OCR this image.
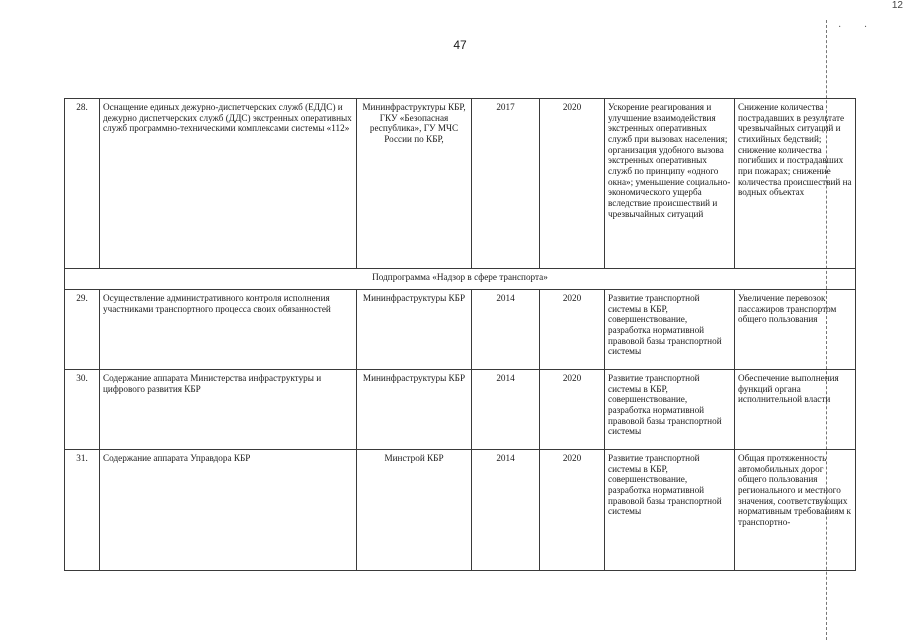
47
12
· ·
28.	Оснащение единых дежурно-диспетчерских служб (ЕДДС) и дежурно диспетчерских служб (ДДС) экстренных оперативных служб программно-техническими комплексами системы «112»	Мининфраструктуры КБР, ГКУ «Безопасная республика», ГУ МЧС России по КБР,	2017	2020	Ускорение реагирования и улучшение взаимодействия экстренных оперативных служб при вызовах населения; организация удобного вызова экстренных оперативных служб по принципу «одного окна»; уменьшение социально-экономического ущерба вследствие происшествий и чрезвычайных ситуаций	Снижение количества пострадавших в результате чрезвычайных ситуаций и стихийных бедствий; снижение количества погибших и пострадавших при пожарах; снижение количества происшествий на водных объектах
Подпрограмма «Надзор в сфере транспорта»						
29.	Осуществление административного контроля исполнения участниками транспортного процесса своих обязанностей	Мининфраструктуры КБР	2014	2020	Развитие транспортной системы в КБР, совершенствование, разработка нормативной правовой базы транспортной системы	Увеличение перевозок пассажиров транспортом общего пользования
30.	Содержание аппарата Министерства инфраструктуры и цифрового развития КБР	Мининфраструктуры КБР	2014	2020	Развитие транспортной системы в КБР, совершенствование, разработка нормативной правовой базы транспортной системы	Обеспечение выполнения функций органа исполнительной власти
31.	Содержание аппарата Управдора КБР	Минстрой КБР	2014	2020	Развитие транспортной системы в КБР, совершенствование, разработка нормативной правовой базы транспортной системы	Общая протяженность автомобильных дорог общего пользования регионального и местного значения, соответствующих нормативным требованиям к транспортно-
